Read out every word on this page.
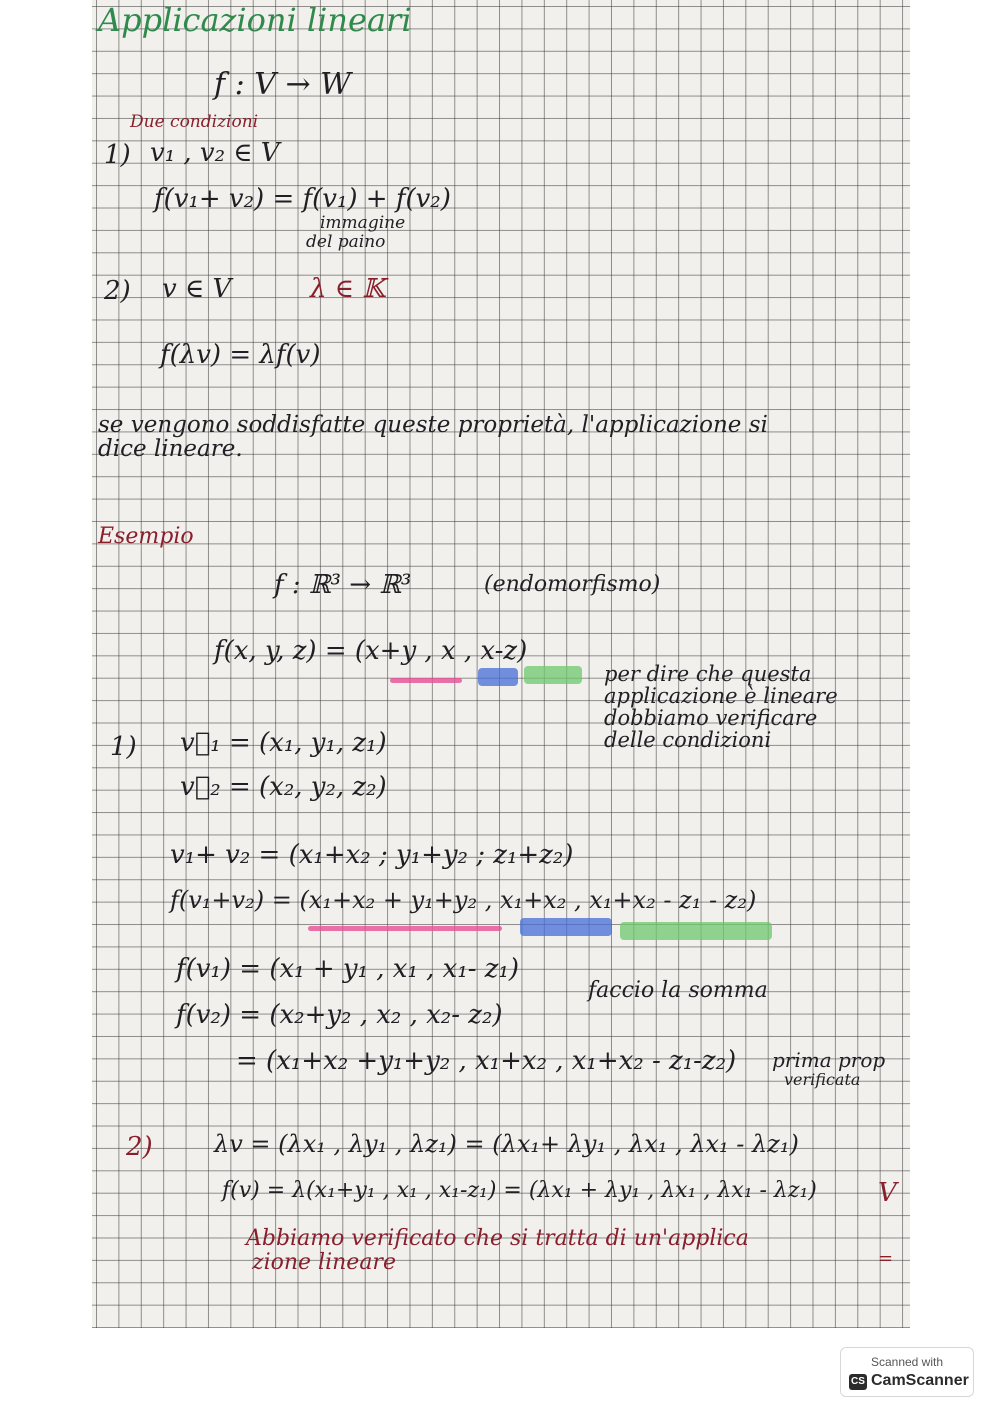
Applicazioni lineari
f : V → W
Due condizioni
1) v₁ , v₂ ∈ V
f(v₁+ v₂) = f(v₁) + f(v₂)
immagine
del paino
2) v ∈ V	λ ∈ 𝕂
f(λv) = λf(v)
se vengono soddisfatte queste proprietà, l'applicazione si
dice lineare.
Esempio
f : ℝ³ → ℝ³	(endomorfismo)
f(x, y, z) = (x+y , x , x-z)
per dire che questa
applicazione è lineare
dobbiamo verificare
delle condizioni
1) v⃗₁ = (x₁, y₁, z₁)
v⃗₂ = (x₂, y₂, z₂)
v₁+ v₂ = (x₁+x₂ ; y₁+y₂ ; z₁+z₂)
f(v₁+v₂) = (x₁+x₂ + y₁+y₂ , x₁+x₂ , x₁+x₂ - z₁ - z₂)
f(v₁) = (x₁ + y₁ , x₁ , x₁- z₁)
faccio la somma
f(v₂) = (x₂+y₂ , x₂ , x₂- z₂)
= (x₁+x₂ +y₁+y₂ , x₁+x₂ , x₁+x₂ - z₁-z₂) prima prop
verificata
2)	λv = (λx₁ , λy₁ , λz₁) = (λx₁+ λy₁ , λx₁ , λx₁ - λz₁)
f(v) = λ(x₁+y₁ , x₁ , x₁-z₁) = (λx₁ + λy₁ , λx₁ , λx₁ - λz₁) V
Abbiamo verificato che si tratta di un'applica
zione lineare	=
Scanned with
CS CamScanner
